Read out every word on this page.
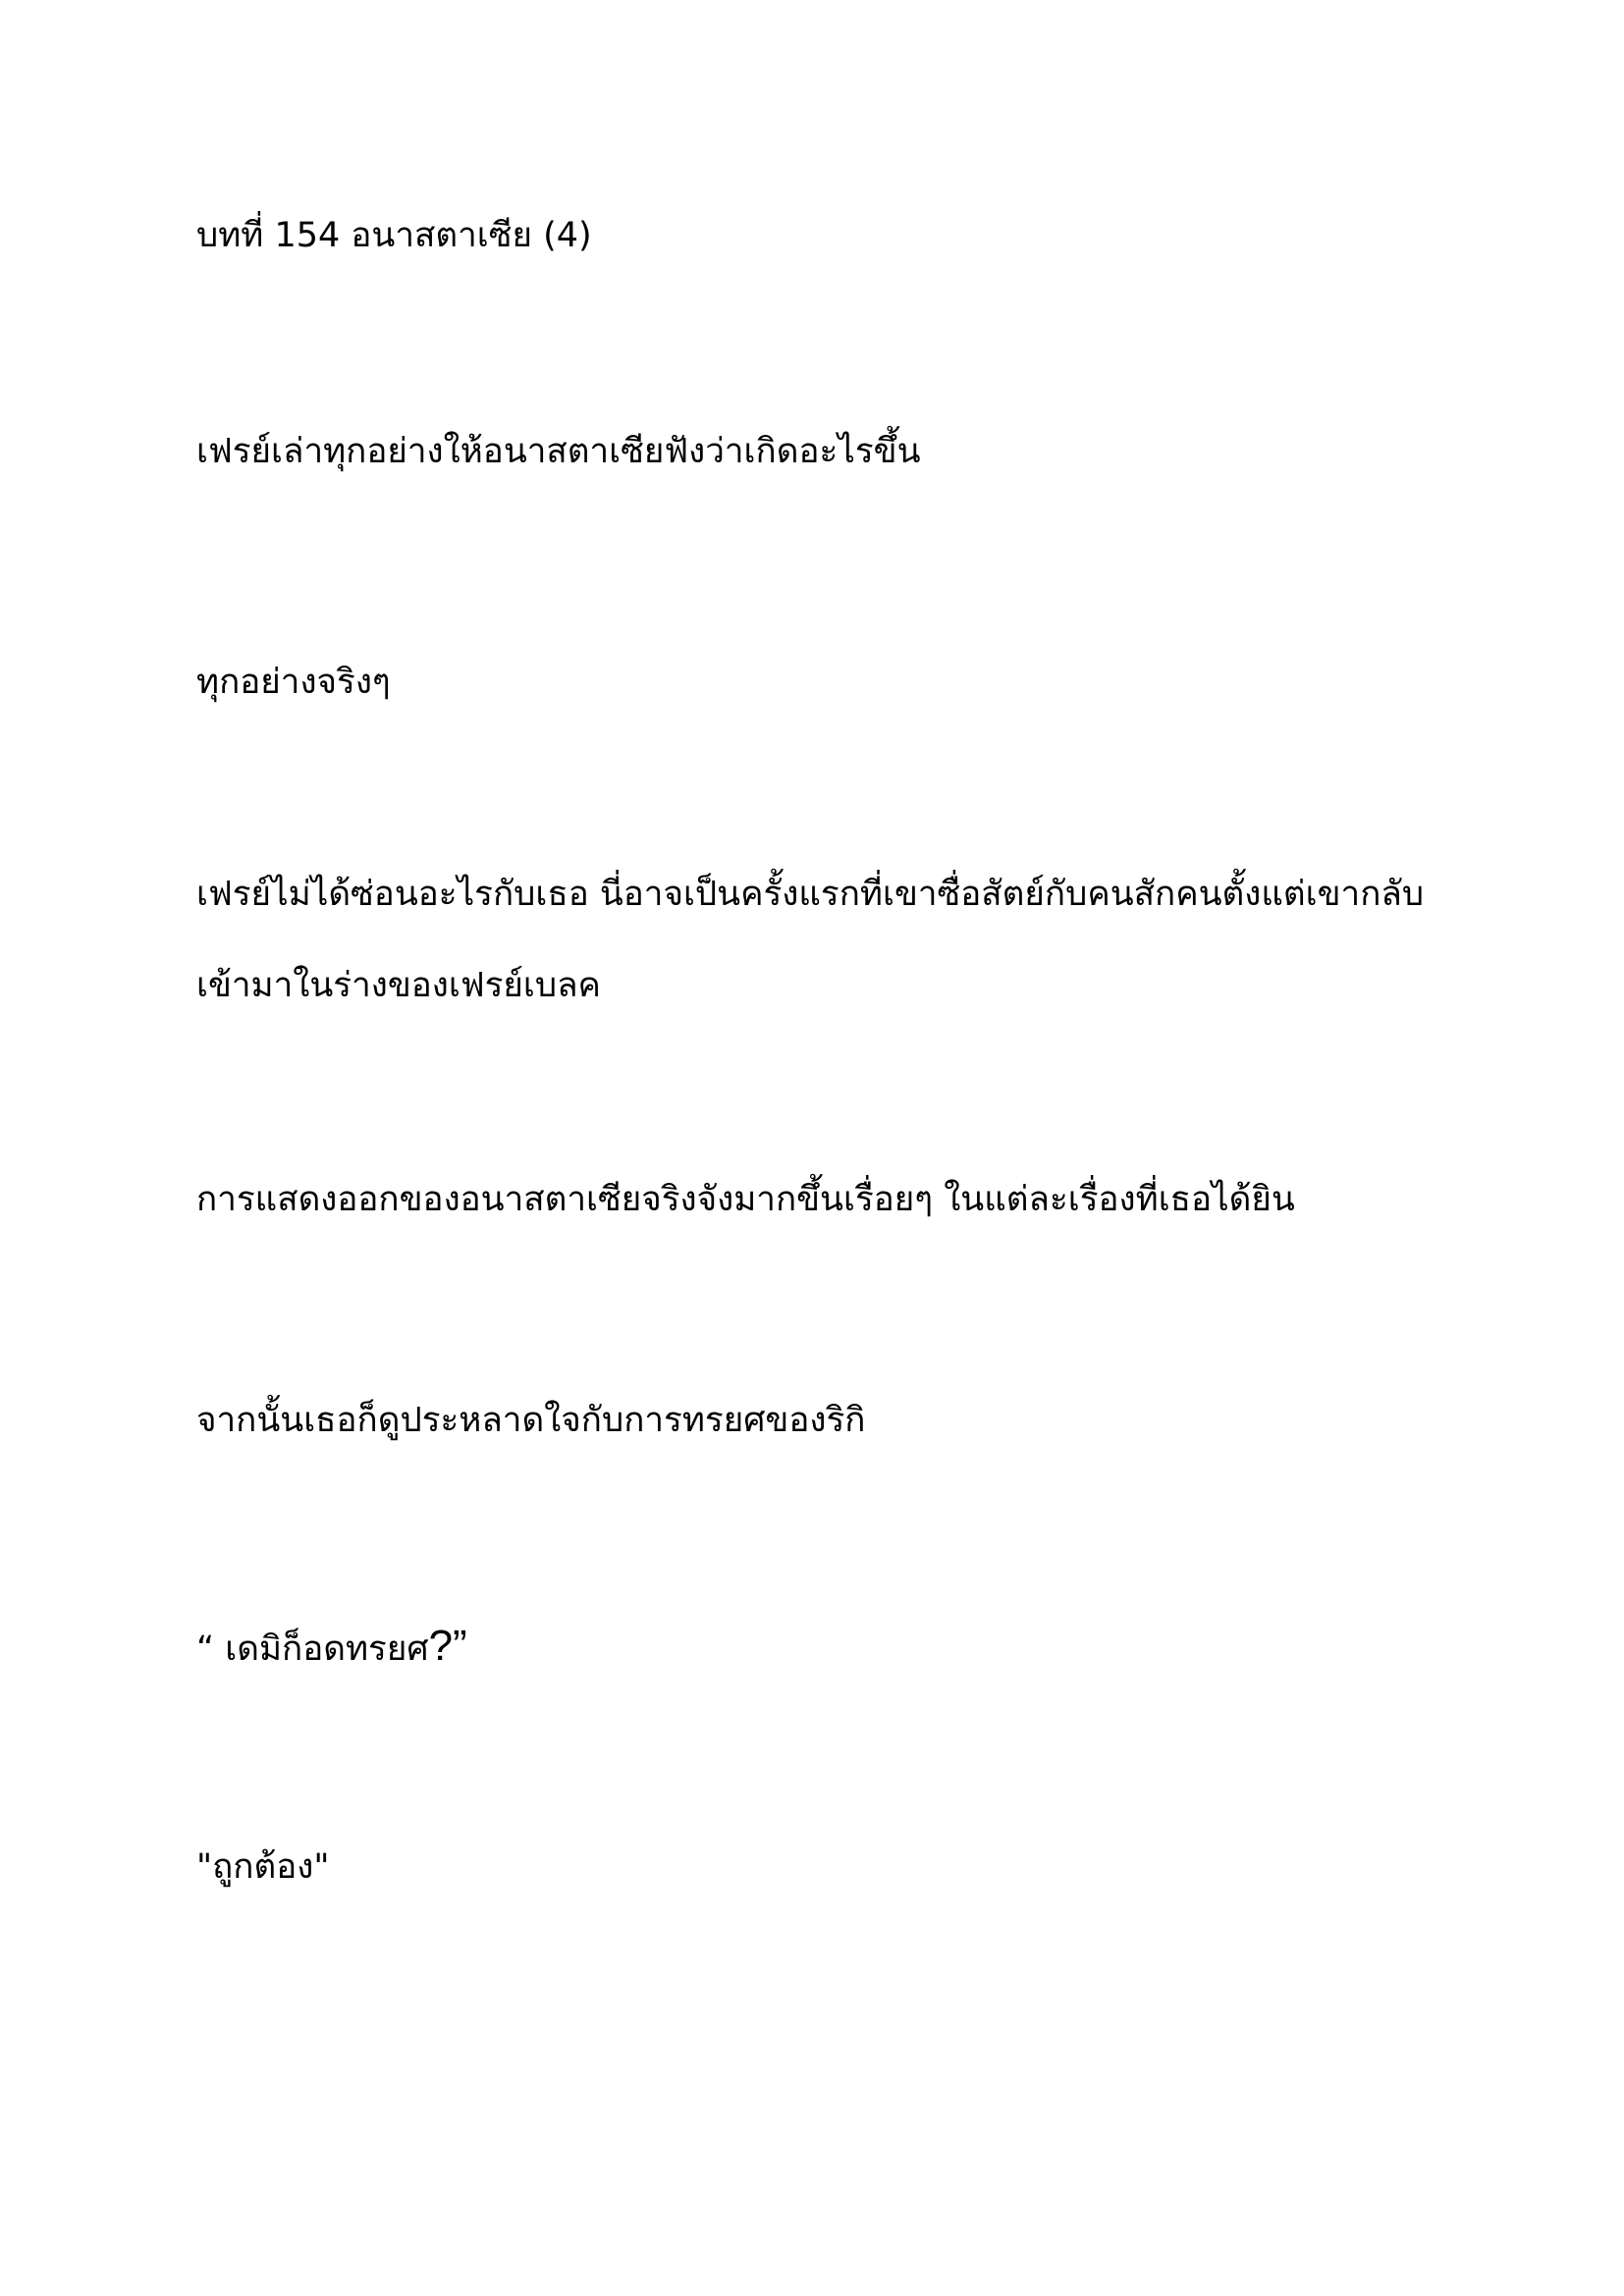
บทที่ 154 อนาสตาเซีย (4)

เฟรย์เล่าทุกอย่างให้อนาสตาเซียฟังว่าเกิดอะไรขึ้น

ทุกอย่างจริงๆ

เฟรย์ไม่ได้ซ่อนอะไรกับเธอ นี่อาจเป็นครั้งแรกที่เขาซื่อสัตย์กับคนสักคนตั้งแต่เขากลับ
เข้ามาในร่างของเฟรย์เบลค

การแสดงออกของอนาสตาเซียจริงจังมากขึ้นเรื่อยๆ ในแต่ละเรื่องที่เธอได้ยิน

จากนั้นเธอก็ดูประหลาดใจกับการทรยศของริกิ

“ เดมิก็อดทรยศ?”

"ถูกต้อง"
